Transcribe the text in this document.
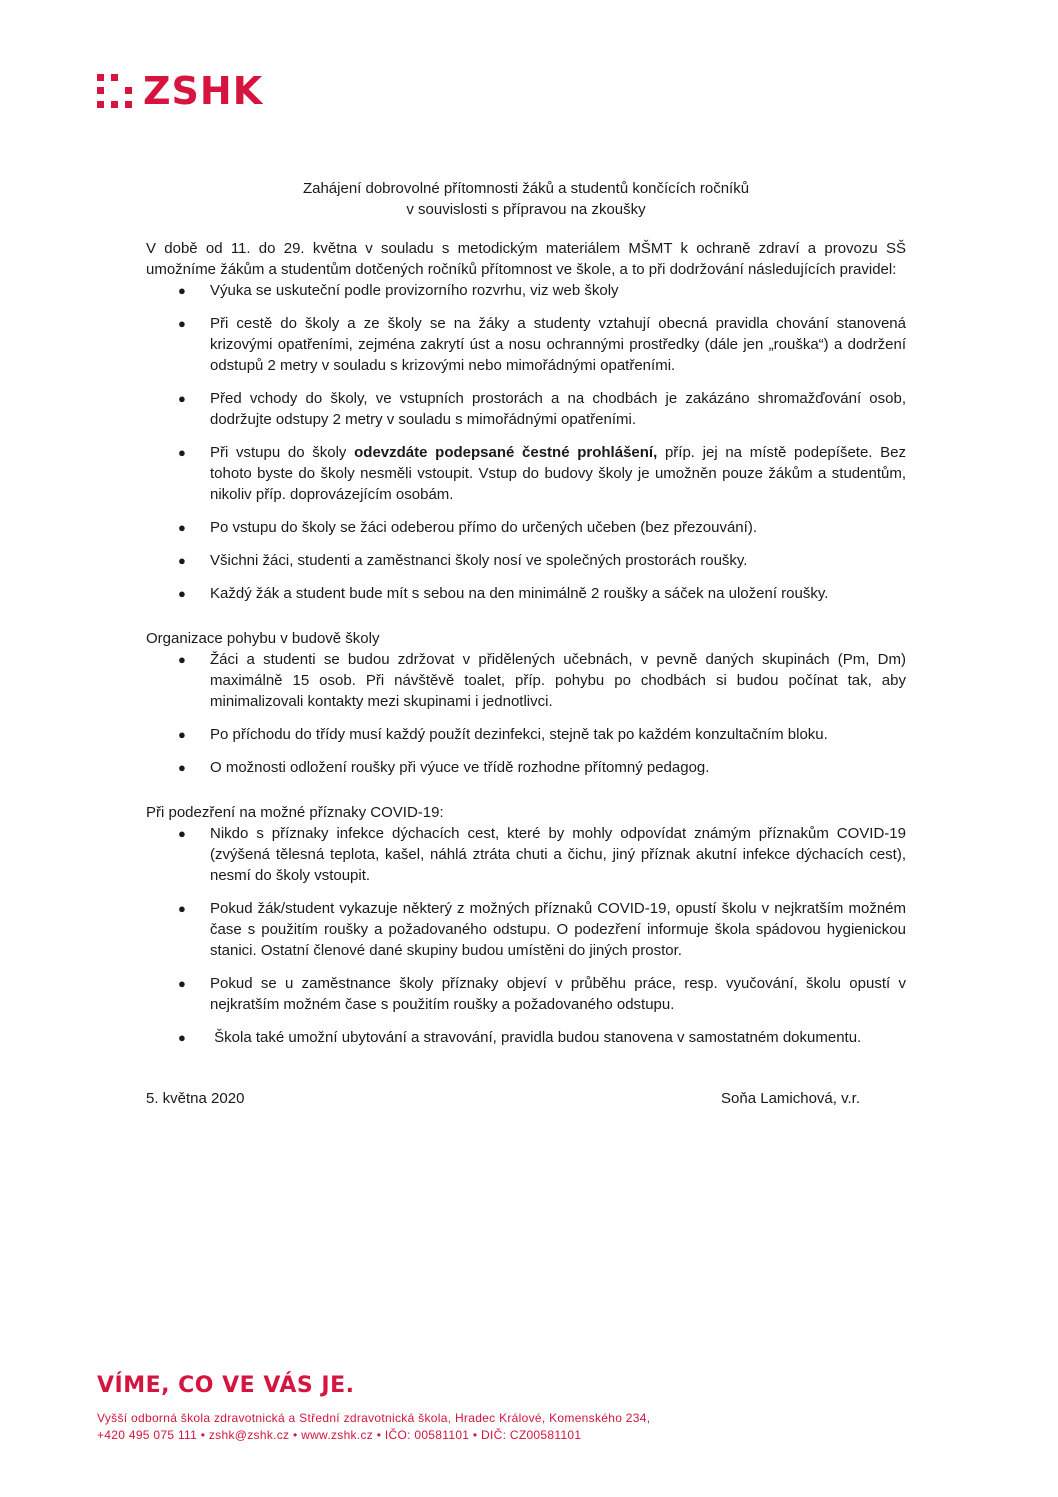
ZSHK
Zahájení dobrovolné přítomnosti žáků a studentů končících ročníků
v souvislosti s přípravou na zkoušky
V době od 11. do 29. května v souladu s metodickým materiálem MŠMT k ochraně zdraví a provozu SŠ umožníme žákům a studentům dotčených ročníků přítomnost ve škole, a to při dodržování následujících pravidel:
● Výuka se uskuteční podle provizorního rozvrhu, viz web školy
● Při cestě do školy a ze školy se na žáky a studenty vztahují obecná pravidla chování stanovená krizovými opatřeními, zejména zakrytí úst a nosu ochrannými prostředky (dále jen „rouška“) a dodržení odstupů 2 metry v souladu s krizovými nebo mimořádnými opatřeními.
● Před vchody do školy, ve vstupních prostorách a na chodbách je zakázáno shromažďování osob, dodržujte odstupy 2 metry v souladu s mimořádnými opatřeními.
● Při vstupu do školy odevzdáte podepsané čestné prohlášení, příp. jej na místě podepíšete. Bez tohoto byste do školy nesměli vstoupit. Vstup do budovy školy je umožněn pouze žákům a studentům, nikoliv příp. doprovázejícím osobám.
● Po vstupu do školy se žáci odeberou přímo do určených učeben (bez přezouvání).
● Všichni žáci, studenti a zaměstnanci školy nosí ve společných prostorách roušky.
● Každý žák a student bude mít s sebou na den minimálně 2 roušky a sáček na uložení roušky.
Organizace pohybu v budově školy
● Žáci a studenti se budou zdržovat v přidělených učebnách, v pevně daných skupinách (Pm, Dm) maximálně 15 osob. Při návštěvě toalet, příp. pohybu po chodbách si budou počínat tak, aby minimalizovali kontakty mezi skupinami i jednotlivci.
● Po příchodu do třídy musí každý použít dezinfekci, stejně tak po každém konzultačním bloku.
● O možnosti odložení roušky při výuce ve třídě rozhodne přítomný pedagog.
Při podezření na možné příznaky COVID-19:
● Nikdo s příznaky infekce dýchacích cest, které by mohly odpovídat známým příznakům COVID-19 (zvýšená tělesná teplota, kašel, náhlá ztráta chuti a čichu, jiný příznak akutní infekce dýchacích cest), nesmí do školy vstoupit.
● Pokud žák/student vykazuje některý z možných příznaků COVID-19, opustí školu v nejkratším možném čase s použitím roušky a požadovaného odstupu. O podezření informuje škola spádovou hygienickou stanici. Ostatní členové dané skupiny budou umístěni do jiných prostor.
● Pokud se u zaměstnance školy příznaky objeví v průběhu práce, resp. vyučování, školu opustí v nejkratším možném čase s použitím roušky a požadovaného odstupu.
● Škola také umožní ubytování a stravování, pravidla budou stanovena v samostatném dokumentu.
5. května 2020	Soňa Lamichová, v.r.
VÍME, CO VE VÁS JE.
Vyšší odborná škola zdravotnická a Střední zdravotnická škola, Hradec Králové, Komenského 234,
+420 495 075 111 • zshk@zshk.cz • www.zshk.cz • IČO: 00581101 • DIČ: CZ00581101
